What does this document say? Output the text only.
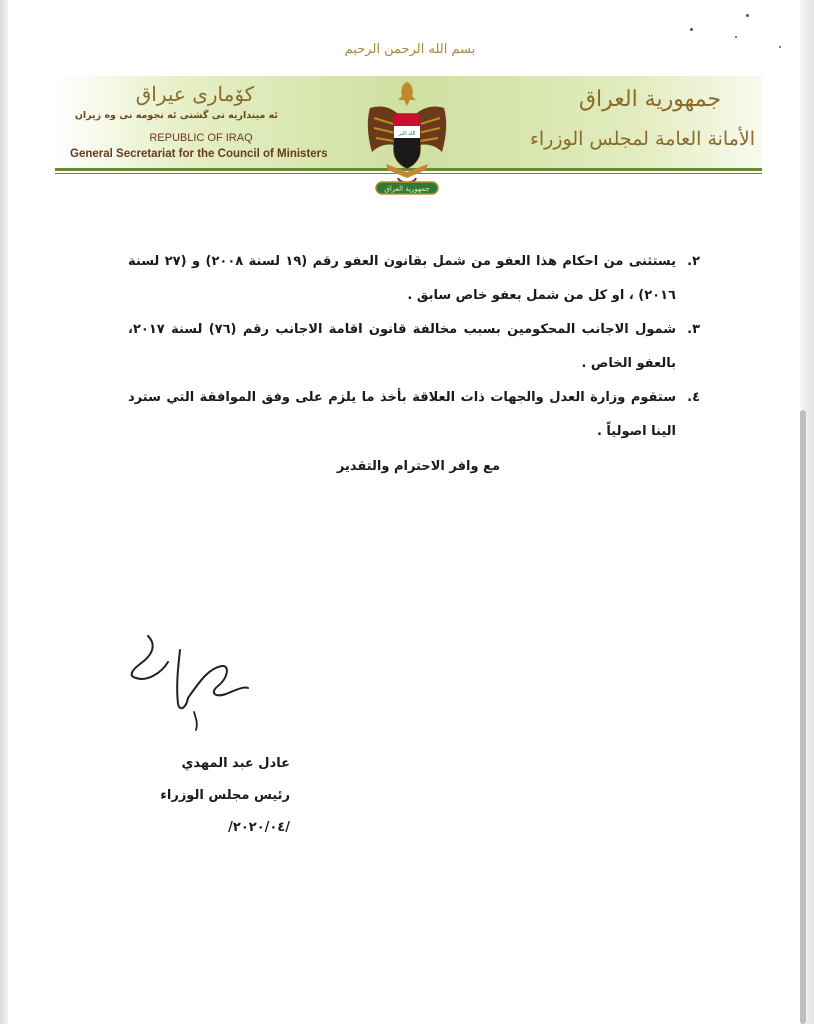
بسم الله الرحمن الرحيم
كۆماری عیراق
ئه مینداریه تی گشتی ئه نجومه نی وه زیران
REPUBLIC OF IRAQ
General Secretariat for the Council of Ministers
جمهورية العراق
الأمانة العامة لمجلس الوزراء
الله اكبر
جمهورية العراق
٢.
يستثنى من احكام هذا العفو من شمل بقانون العفو رقم (١٩ لسنة ٢٠٠٨) و (٢٧ لسنة ٢٠١٦) ، او كل من شمل بعفو خاص سابق .
٣.
شمول الاجانب المحكومين بسبب مخالفة قانون اقامة الاجانب رقم (٧٦) لسنة ٢٠١٧، بالعفو الخاص .
٤.
ستقوم وزارة العدل والجهات ذات العلاقة بأخذ ما يلزم على وفق الموافقة التي سترد الينا اصولياً .
مع وافر الاحترام والتقدير
عادل عبد المهدي
رئيس مجلس الوزراء
/٢٠٢٠/٠٤/
